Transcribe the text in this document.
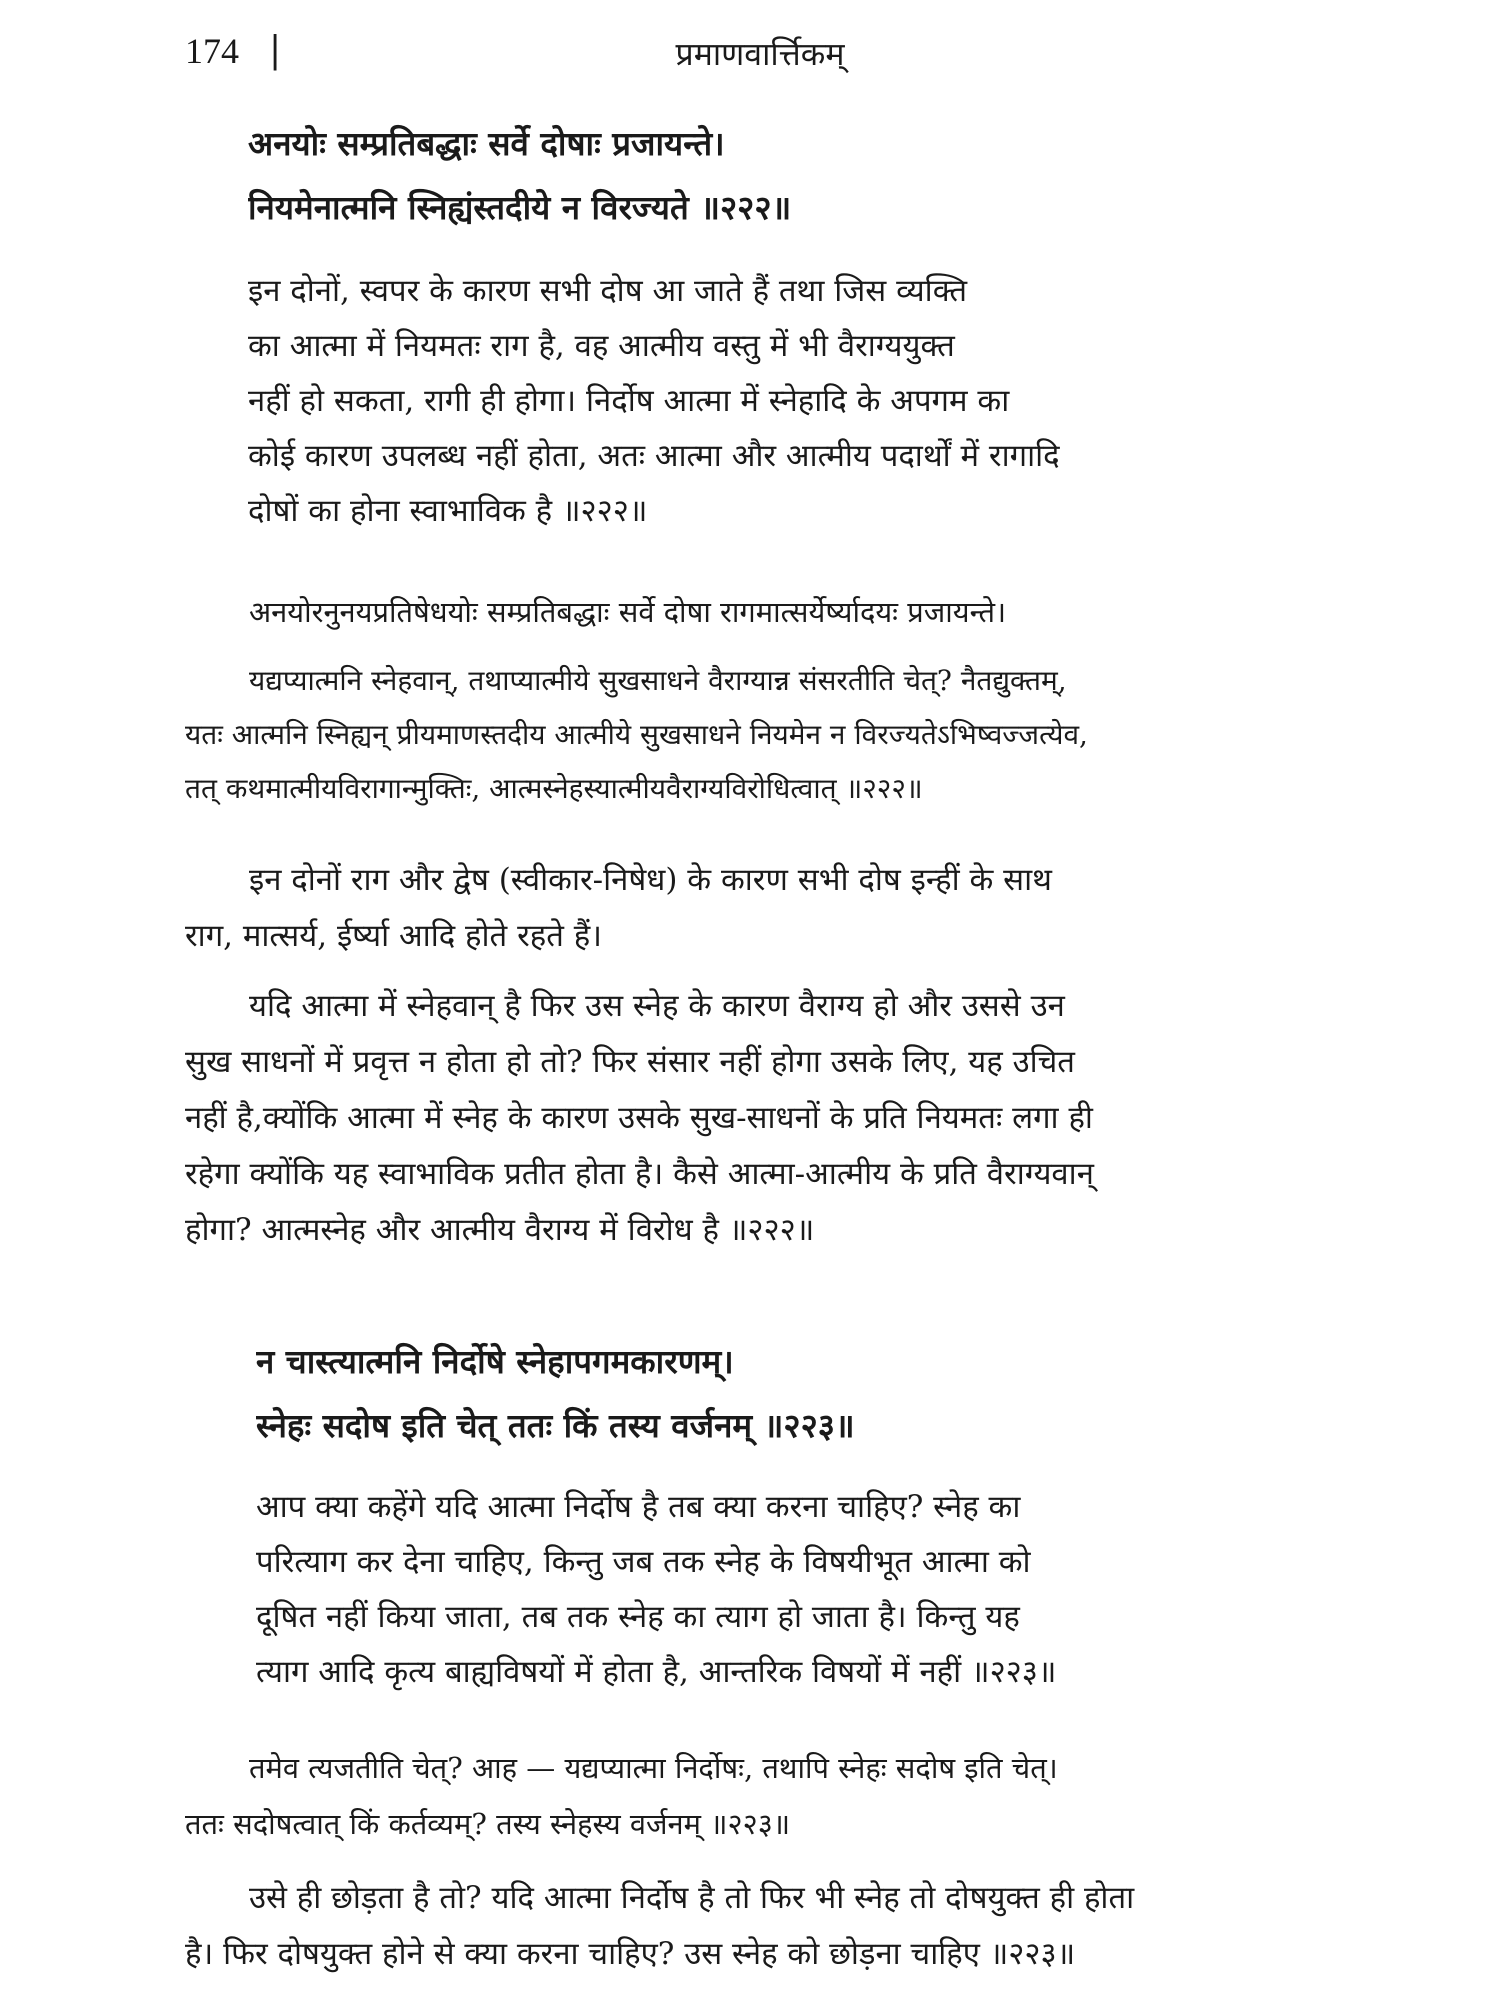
174 |	प्रमाणवार्त्तिकम्

अनयोः सम्प्रतिबद्धाः सर्वे दोषाः प्रजायन्ते।
नियमेनात्मनि स्निह्यंस्तदीये न विरज्यते ॥२२२॥

इन दोनों, स्वपर के कारण सभी दोष आ जाते हैं तथा जिस व्यक्ति
का आत्मा में नियमतः राग है, वह आत्मीय वस्तु में भी वैराग्ययुक्त
नहीं हो सकता, रागी ही होगा। निर्दोष आत्मा में स्नेहादि के अपगम का
कोई कारण उपलब्ध नहीं होता, अतः आत्मा और आत्मीय पदार्थों में रागादि
दोषों का होना स्वाभाविक है ॥२२२॥

अनयोरनुनयप्रतिषेधयोः सम्प्रतिबद्धाः सर्वे दोषा रागमात्सर्येर्ष्यादयः प्रजायन्ते।

यद्यप्यात्मनि स्नेहवान्, तथाप्यात्मीये सुखसाधने वैराग्यान्न संसरतीति चेत्? नैतद्युक्तम्,
यतः आत्मनि स्निह्यन् प्रीयमाणस्तदीय आत्मीये सुखसाधने नियमेन न विरज्यतेऽभिष्वज्जत्येव,
तत् कथमात्मीयविरागान्मुक्तिः, आत्मस्नेहस्यात्मीयवैराग्यविरोधित्वात् ॥२२२॥

इन दोनों राग और द्वेष (स्वीकार-निषेध) के कारण सभी दोष इन्हीं के साथ
राग, मात्सर्य, ईर्ष्या आदि होते रहते हैं।

यदि आत्मा में स्नेहवान् है फिर उस स्नेह के कारण वैराग्य हो और उससे उन
सुख साधनों में प्रवृत्त न होता हो तो? फिर संसार नहीं होगा उसके लिए, यह उचित
नहीं है,क्योंकि आत्मा में स्नेह के कारण उसके सुख-साधनों के प्रति नियमतः लगा ही
रहेगा क्योंकि यह स्वाभाविक प्रतीत होता है। कैसे आत्मा-आत्मीय के प्रति वैराग्यवान्
होगा? आत्मस्नेह और आत्मीय वैराग्य में विरोध है ॥२२२॥

न चास्त्यात्मनि निर्दोषे स्नेहापगमकारणम्।
स्नेहः सदोष इति चेत् ततः किं तस्य वर्जनम् ॥२२३॥

आप क्या कहेंगे यदि आत्मा निर्दोष है तब क्या करना चाहिए? स्नेह का
परित्याग कर देना चाहिए, किन्तु जब तक स्नेह के विषयीभूत आत्मा को
दूषित नहीं किया जाता, तब तक स्नेह का त्याग हो जाता है। किन्तु यह
त्याग आदि कृत्य बाह्यविषयों में होता है, आन्तरिक विषयों में नहीं ॥२२३॥

तमेव त्यजतीति चेत्? आह — यद्यप्यात्मा निर्दोषः, तथापि स्नेहः सदोष इति चेत्।
ततः सदोषत्वात् किं कर्तव्यम्? तस्य स्नेहस्य वर्जनम् ॥२२३॥

उसे ही छोड़ता है तो? यदि आत्मा निर्दोष है तो फिर भी स्नेह तो दोषयुक्त ही होता
है। फिर दोषयुक्त होने से क्या करना चाहिए? उस स्नेह को छोड़ना चाहिए ॥२२३॥
